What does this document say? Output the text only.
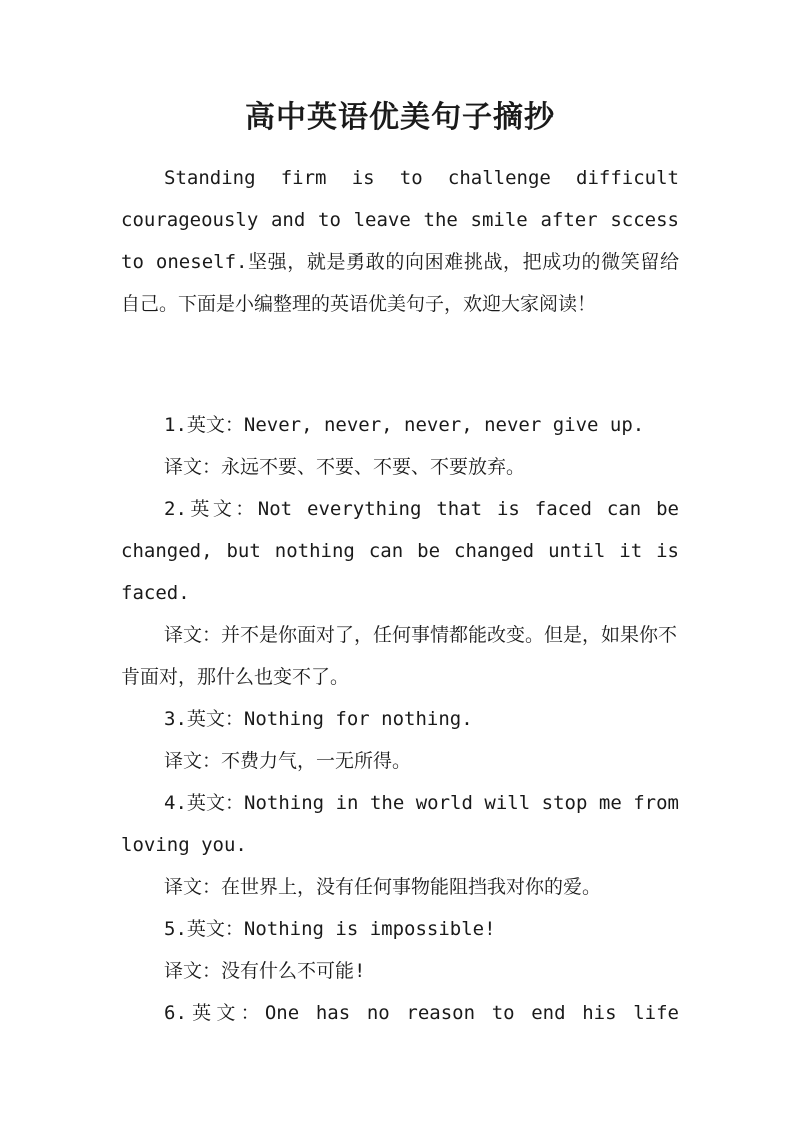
高中英语优美句子摘抄
Standing firm is to challenge difficult courageously and to leave the smile after sccess to oneself.坚强，就是勇敢的向困难挑战，把成功的微笑留给自己。下面是小编整理的英语优美句子，欢迎大家阅读！
1.英文：Never, never, never, never give up.
译文：永远不要、不要、不要、不要放弃。
2.英文：Not everything that is faced can be changed, but nothing can be changed until it is faced.
译文：并不是你面对了，任何事情都能改变。但是，如果你不肯面对，那什么也变不了。
3.英文：Nothing for nothing.
译文：不费力气，一无所得。
4.英文：Nothing in the world will stop me from loving you.
译文：在世界上，没有任何事物能阻挡我对你的爱。
5.英文：Nothing is impossible!
译文：没有什么不可能!
6.英文：One has no reason to end his life
